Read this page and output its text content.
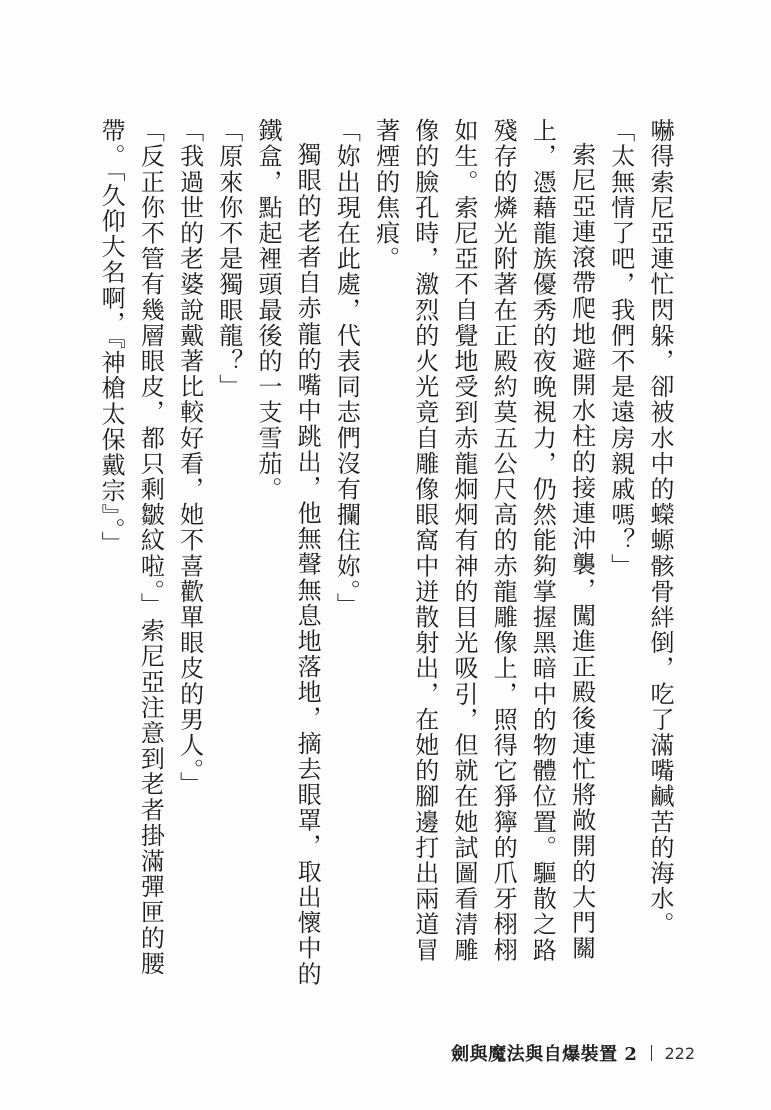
嚇得索尼亞連忙閃躲，卻被水中的蠑螈骸骨絆倒，吃了滿嘴鹹苦的海水。

「太無情了吧，我們不是遠房親戚嗎？」

索尼亞連滾帶爬地避開水柱的接連沖襲，闖進正殿後連忙將敞開的大門關上，憑藉龍族優秀的夜晚視力，仍然能夠掌握黑暗中的物體位置。驅散之路殘存的燐光附著在正殿約莫五公尺高的赤龍雕像上，照得它猙獰的爪牙栩栩如生。索尼亞不自覺地受到赤龍炯炯有神的目光吸引，但就在她試圖看清雕像的臉孔時，激烈的火光竟自雕像眼窩中迸散射出，在她的腳邊打出兩道冒著煙的焦痕。

「妳出現在此處，代表同志們沒有攔住妳。」

獨眼的老者自赤龍的嘴中跳出，他無聲無息地落地，摘去眼罩，取出懷中的鐵盒，點起裡頭最後的一支雪茄。

「原來你不是獨眼龍？」

「我過世的老婆說戴著比較好看，她不喜歡單眼皮的男人。」

「反正你不管有幾層眼皮，都只剩皺紋啦。」索尼亞注意到老者掛滿彈匣的腰帶。「久仰大名啊，『神槍太保戴宗』。」

劍與魔法與自爆裝置 2 222
